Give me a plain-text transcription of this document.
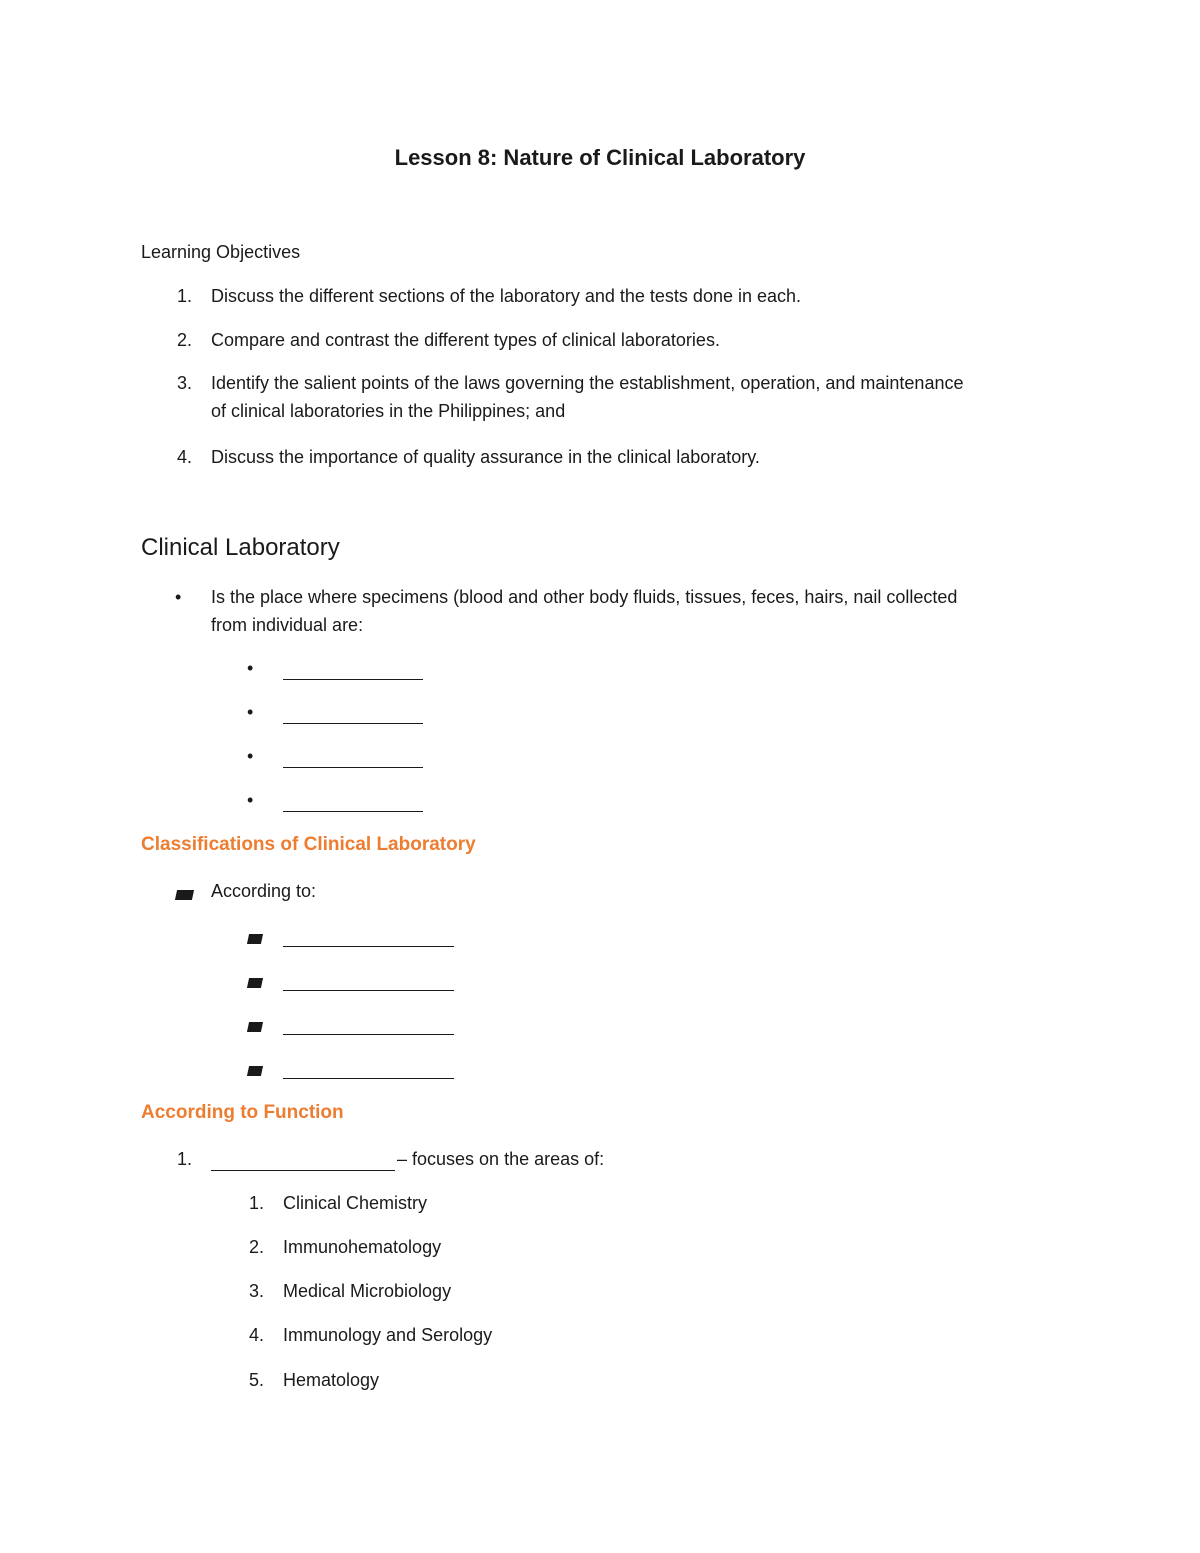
Lesson 8: Nature of Clinical Laboratory
Learning Objectives
1. Discuss the different sections of the laboratory and the tests done in each.
2. Compare and contrast the different types of clinical laboratories.
3. Identify the salient points of the laws governing the establishment, operation, and maintenance
of clinical laboratories in the Philippines; and
4. Discuss the importance of quality assurance in the clinical laboratory.
Clinical Laboratory
• Is the place where specimens (blood and other body fluids, tissues, feces, hairs, nail collected
from individual are:
•
•
•
•
Classifications of Clinical Laboratory
According to:
According to Function
1.	– focuses on the areas of:
1. Clinical Chemistry
2. Immunohematology
3. Medical Microbiology
4. Immunology and Serology
5. Hematology
